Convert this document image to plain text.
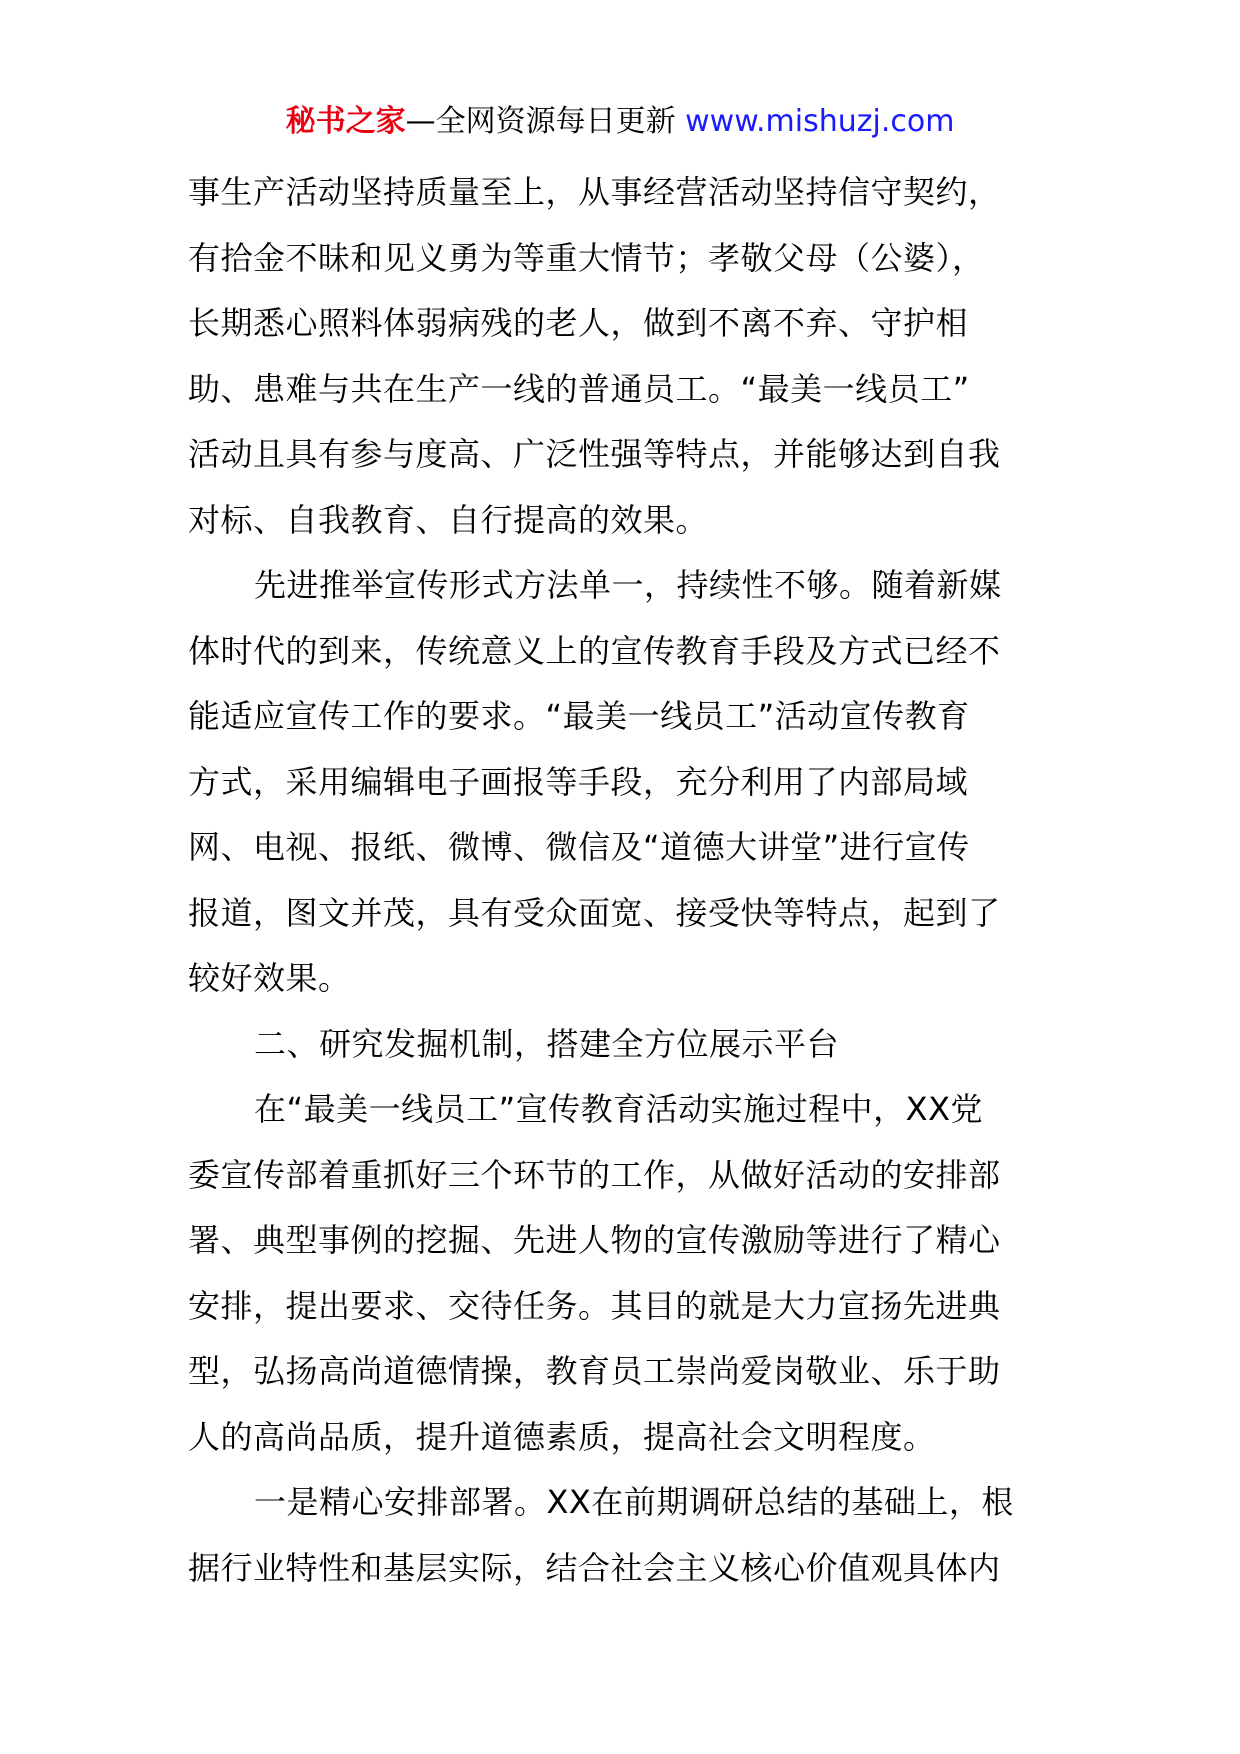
秘书之家—全网资源每日更新 www.mishuzj.com
事生产活动坚持质量至上，从事经营活动坚持信守契约，
有拾金不昧和见义勇为等重大情节；孝敬父母（公婆），
长期悉心照料体弱病残的老人，做到不离不弃、守护相
助、患难与共在生产一线的普通员工。“最美一线员工”
活动且具有参与度高、广泛性强等特点，并能够达到自我
对标、自我教育、自行提高的效果。
先进推举宣传形式方法单一，持续性不够。随着新媒
体时代的到来，传统意义上的宣传教育手段及方式已经不
能适应宣传工作的要求。“最美一线员工”活动宣传教育
方式，采用编辑电子画报等手段，充分利用了内部局域
网、电视、报纸、微博、微信及“道德大讲堂”进行宣传
报道，图文并茂，具有受众面宽、接受快等特点，起到了
较好效果。
二、研究发掘机制，搭建全方位展示平台
在“最美一线员工”宣传教育活动实施过程中，XX党
委宣传部着重抓好三个环节的工作，从做好活动的安排部
署、典型事例的挖掘、先进人物的宣传激励等进行了精心
安排，提出要求、交待任务。其目的就是大力宣扬先进典
型，弘扬高尚道德情操，教育员工崇尚爱岗敬业、乐于助
人的高尚品质，提升道德素质，提高社会文明程度。
一是精心安排部署。XX在前期调研总结的基础上，根
据行业特性和基层实际，结合社会主义核心价值观具体内
